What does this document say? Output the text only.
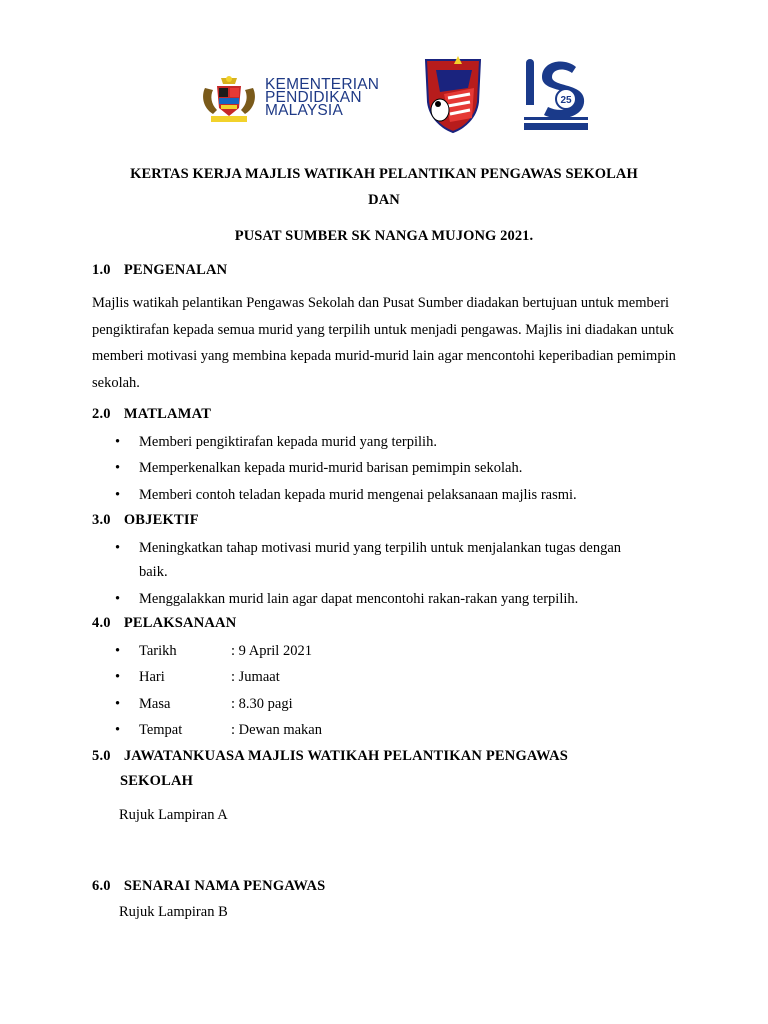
KEMENTERIAN
PENDIDIKAN
MALAYSIA
25
KERTAS KERJA MAJLIS WATIKAH PELANTIKAN PENGAWAS SEKOLAH
DAN
PUSAT SUMBER SK NANGA MUJONG 2021.
1.0 PENGENALAN
Majlis watikah pelantikan Pengawas Sekolah dan Pusat Sumber diadakan bertujuan untuk memberi pengiktirafan kepada semua murid yang terpilih untuk menjadi pengawas. Majlis ini diadakan untuk memberi motivasi yang membina kepada murid-murid lain agar mencontohi keperibadian pemimpin sekolah.
2.0 MATLAMAT
• Memberi pengiktirafan kepada murid yang terpilih.
• Memperkenalkan kepada murid-murid barisan pemimpin sekolah.
• Memberi contoh teladan kepada murid mengenai pelaksanaan majlis rasmi.
3.0 OBJEKTIF
• Meningkatkan tahap motivasi murid yang terpilih untuk menjalankan tugas dengan
baik.
• Menggalakkan murid lain agar dapat mencontohi rakan-rakan yang terpilih.
4.0 PELAKSANAAN
• Tarikh	: 9 April 2021
• Hari	: Jumaat
• Masa	: 8.30 pagi
• Tempat	: Dewan makan
5.0 JAWATANKUASA MAJLIS WATIKAH PELANTIKAN PENGAWAS
SEKOLAH
Rujuk Lampiran A
6.0 SENARAI NAMA PENGAWAS
Rujuk Lampiran B
